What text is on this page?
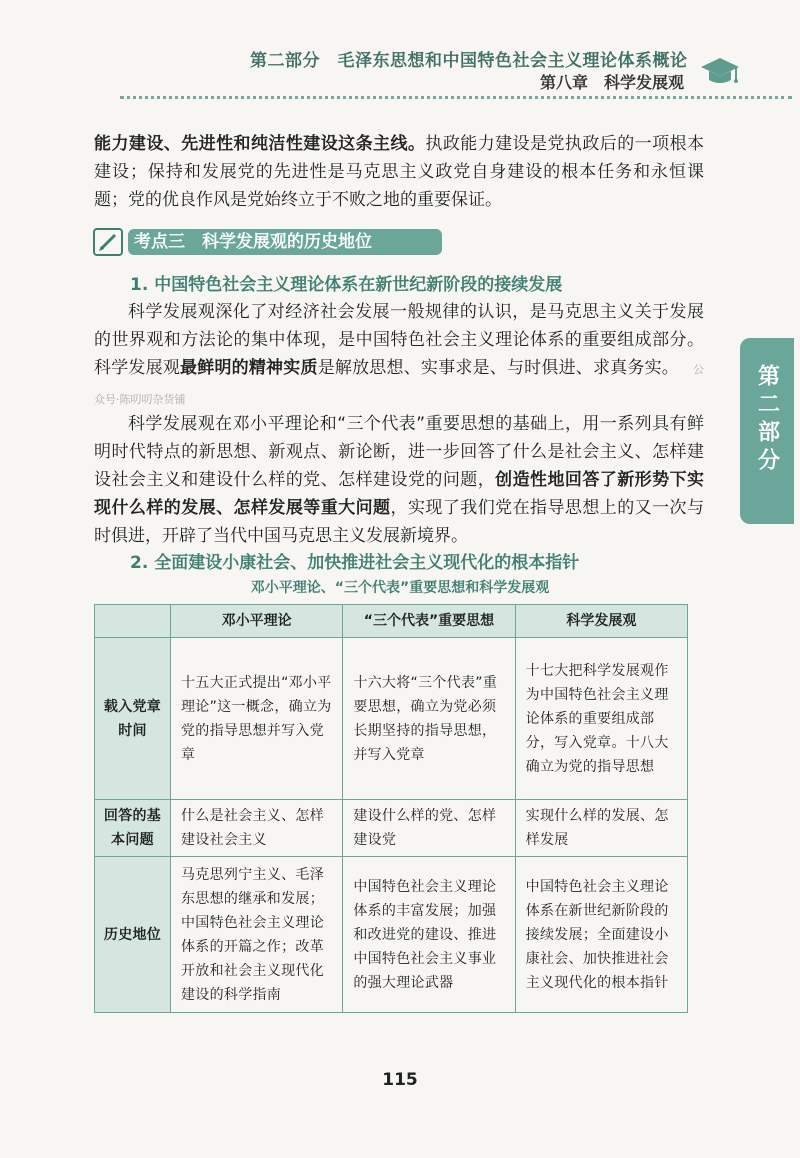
第二部分　毛泽东思想和中国特色社会主义理论体系概论
第八章　科学发展观
第二部分

能力建设、先进性和纯洁性建设这条主线。执政能力建设是党执政后的一项根本建设；保持和发展党的先进性是马克思主义政党自身建设的根本任务和永恒课题；党的优良作风是党始终立于不败之地的重要保证。

考点三　科学发展观的历史地位
1. 中国特色社会主义理论体系在新世纪新阶段的接续发展

科学发展观深化了对经济社会发展一般规律的认识，是马克思主义关于发展的世界观和方法论的集中体现，是中国特色社会主义理论体系的重要组成部分。科学发展观最鲜明的精神实质是解放思想、实事求是、与时俱进、求真务实。 公众号·陈叨叨杂货铺

科学发展观在邓小平理论和“三个代表”重要思想的基础上，用一系列具有鲜明时代特点的新思想、新观点、新论断，进一步回答了什么是社会主义、怎样建设社会主义和建设什么样的党、怎样建设党的问题，创造性地回答了新形势下实现什么样的发展、怎样发展等重大问题，实现了我们党在指导思想上的又一次与时俱进，开辟了当代中国马克思主义发展新境界。

2. 全面建设小康社会、加快推进社会主义现代化的根本指针
邓小平理论、“三个代表”重要思想和科学发展观
	邓小平理论	“三个代表”重要思想	科学发展观
载入党章时间	十五大正式提出“邓小平理论”这一概念，确立为党的指导思想并写入党章	十六大将“三个代表”重要思想，确立为党必须长期坚持的指导思想，并写入党章	十七大把科学发展观作为中国特色社会主义理论体系的重要组成部分，写入党章。十八大确立为党的指导思想
回答的基本问题	什么是社会主义、怎样建设社会主义	建设什么样的党、怎样建设党	实现什么样的发展、怎样发展
历史地位	马克思列宁主义、毛泽东思想的继承和发展；中国特色社会主义理论体系的开篇之作；改革开放和社会主义现代化建设的科学指南	中国特色社会主义理论体系的丰富发展；加强和改进党的建设、推进中国特色社会主义事业的强大理论武器	中国特色社会主义理论体系在新世纪新阶段的接续发展；全面建设小康社会、加快推进社会主义现代化的根本指针
115
